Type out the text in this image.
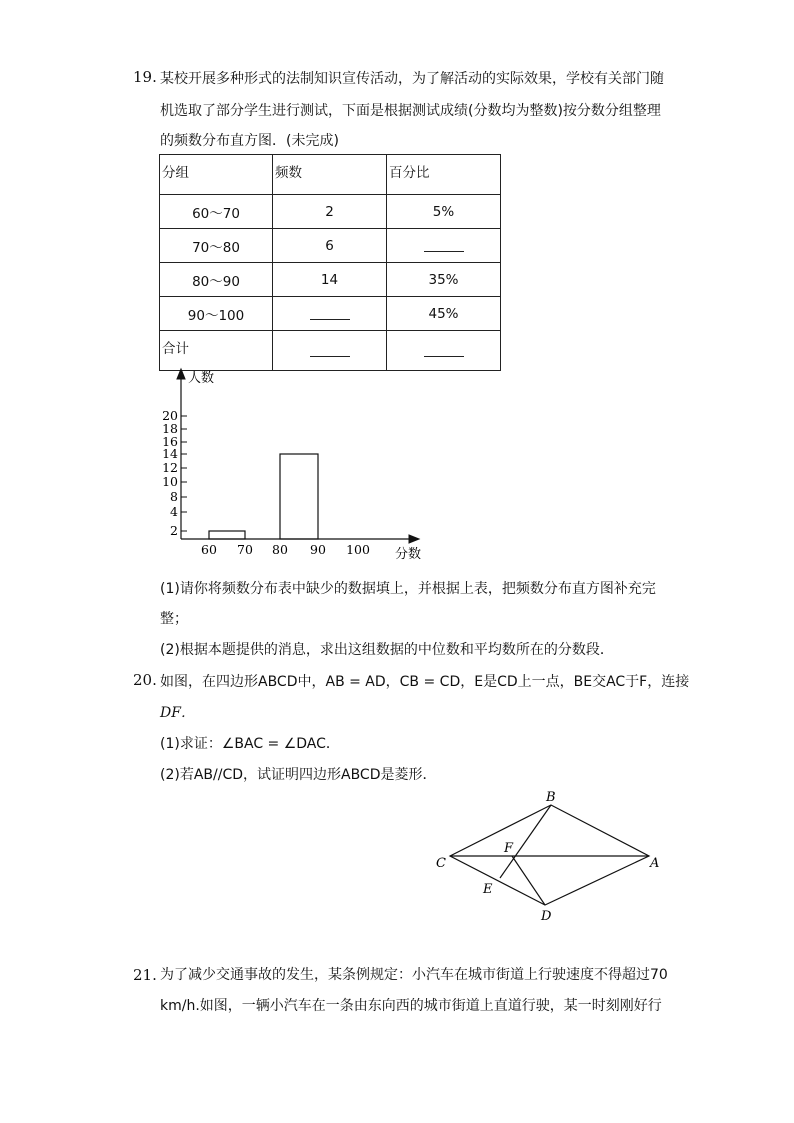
19. 某校开展多种形式的法制知识宣传活动，为了解活动的实际效果，学校有关部门随
机选取了部分学生进行测试，下面是根据测试成绩(分数均为整数)按分数分组整理
的频数分布直方图．(未完成)
分组	频数	百分比
60～70	2	5%
70～80	6	
80～90	14	35%
90～100		45%
合计		
人数
分数
2
4
8
10
12
14
16
18
20
60 70 80 90 100
(1)请你将频数分布表中缺少的数据填上，并根据上表，把频数分布直方图补充完
整；
(2)根据本题提供的消息，求出这组数据的中位数和平均数所在的分数段．
20. 如图，在四边形ABCD中，AB = AD，CB = CD，E是CD上一点，BE交AC于F，连接
DF．
(1)求证：∠BAC = ∠DAC．
(2)若AB//CD，试证明四边形ABCD是菱形．
B
C	A
D
E
F
21. 为了减少交通事故的发生，某条例规定：小汽车在城市街道上行驶速度不得超过70
km/h.如图，一辆小汽车在一条由东向西的城市街道上直道行驶，某一时刻刚好行
